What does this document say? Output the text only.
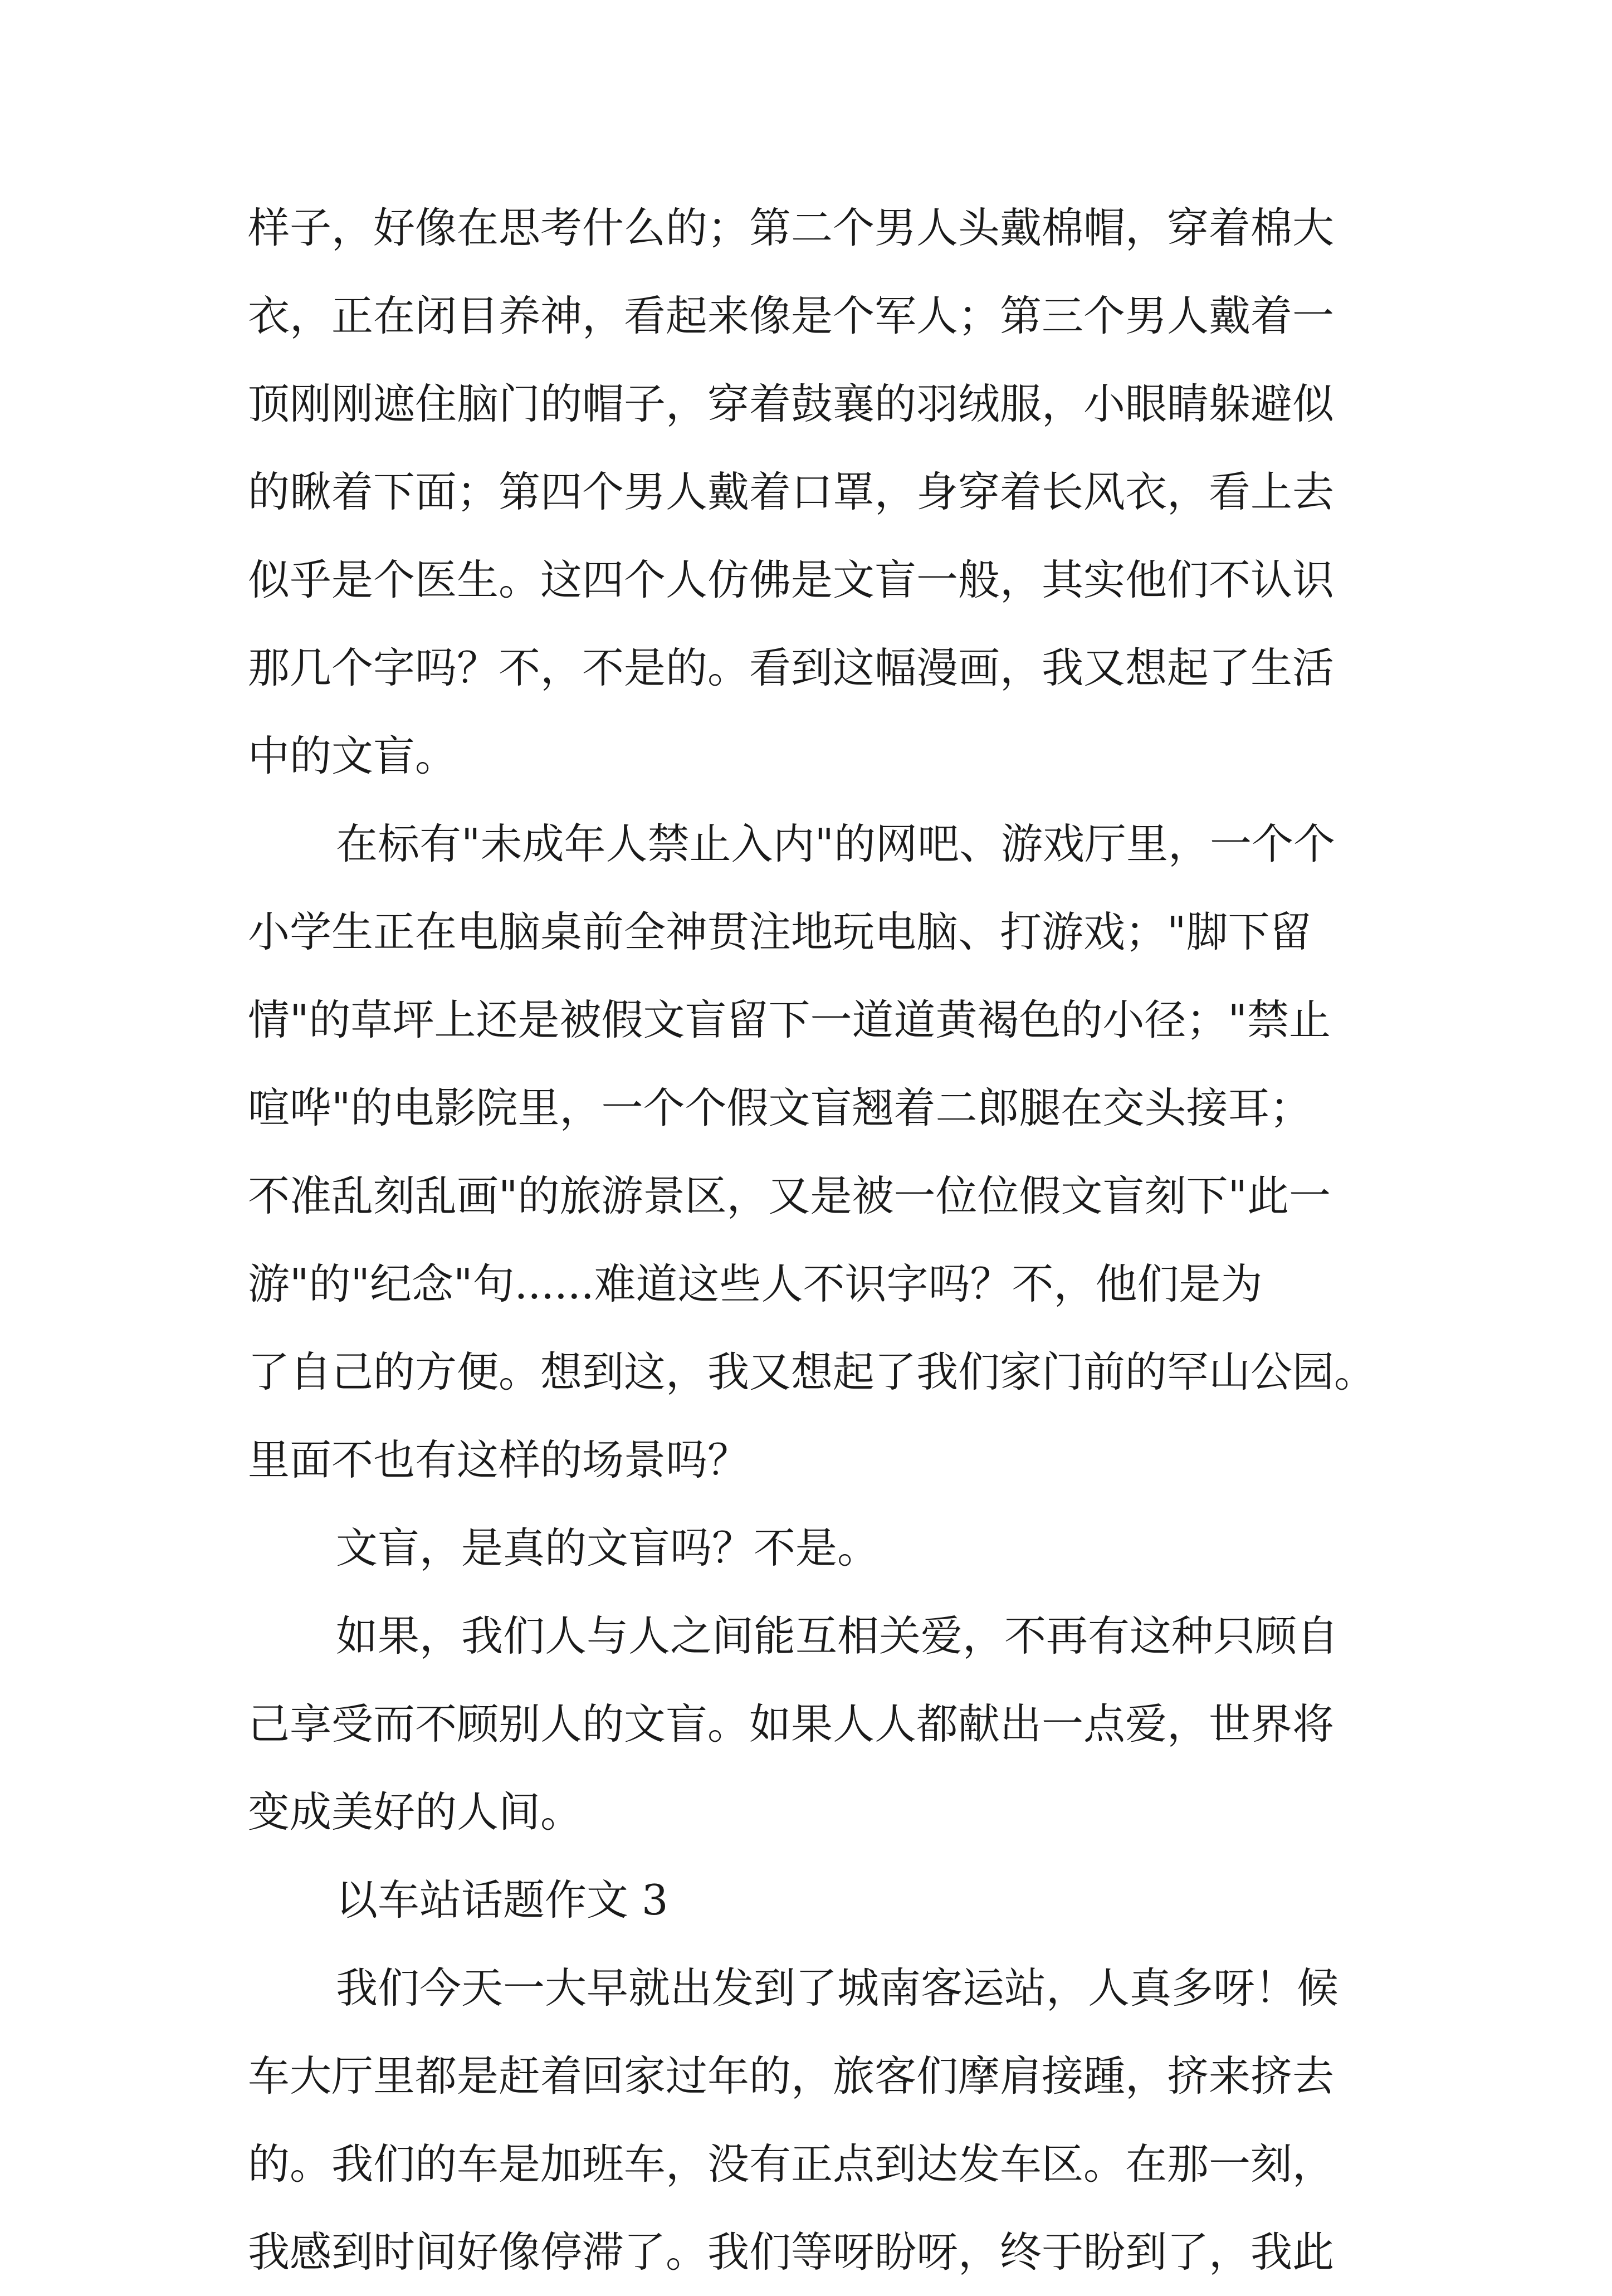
样子，好像在思考什么的；第二个男人头戴棉帽，穿着棉大
衣，正在闭目养神，看起来像是个军人；第三个男人戴着一
顶刚刚遮住脑门的帽子，穿着鼓襄的羽绒服，小眼睛躲避似
的瞅着下面；第四个男人戴着口罩，身穿着长风衣，看上去
似乎是个医生。这四个人仿佛是文盲一般，其实他们不认识
那几个字吗？不，不是的。看到这幅漫画，我又想起了生活
中的文盲。
在标有"未成年人禁止入内"的网吧、游戏厅里，一个个
小学生正在电脑桌前全神贯注地玩电脑、打游戏；"脚下留
情"的草坪上还是被假文盲留下一道道黄褐色的小径；"禁止
喧哗"的电影院里，一个个假文盲翘着二郎腿在交头接耳；
不准乱刻乱画"的旅游景区，又是被一位位假文盲刻下"此一
游"的"纪念"句......难道这些人不识字吗？不，他们是为
了自己的方便。想到这，我又想起了我们家门前的罕山公园。
里面不也有这样的场景吗？
文盲，是真的文盲吗？不是。
如果，我们人与人之间能互相关爱，不再有这种只顾自
己享受而不顾别人的文盲。如果人人都献出一点爱，世界将
变成美好的人间。
以车站话题作文 3
我们今天一大早就出发到了城南客运站，人真多呀！候
车大厅里都是赶着回家过年的，旅客们摩肩接踵，挤来挤去
的。我们的车是加班车，没有正点到达发车区。在那一刻，
我感到时间好像停滞了。我们等呀盼呀，终于盼到了，我此
